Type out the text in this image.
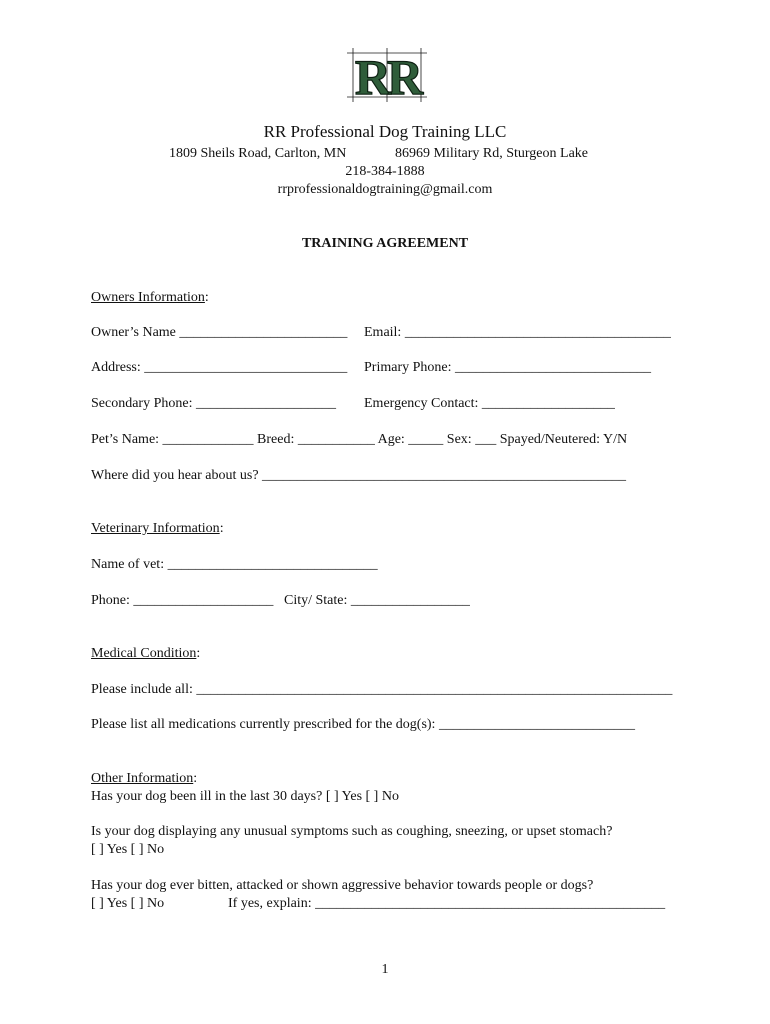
RR
RR Professional Dog Training LLC
1809 Sheils Road, Carlton, MN	86969 Military Rd, Sturgeon Lake
218-384-1888
rrprofessionaldogtraining@gmail.com
TRAINING AGREEMENT
Owners Information:
Owner’s Name ________________________ Email: ______________________________________
Address: _____________________________ Primary Phone: ____________________________
Secondary Phone: ____________________ Emergency Contact: ___________________
Pet’s Name: _____________ Breed: ___________ Age: _____ Sex: ___ Spayed/Neutered: Y/N
Where did you hear about us? ____________________________________________________
Veterinary Information:
Name of vet: ______________________________
Phone: ____________________ City/ State: _________________
Medical Condition:
Please include all: ____________________________________________________________________
Please list all medications currently prescribed for the dog(s): ____________________________
Other Information:
Has your dog been ill in the last 30 days? [ ] Yes [ ] No
Is your dog displaying any unusual symptoms such as coughing, sneezing, or upset stomach?
[ ] Yes [ ] No
Has your dog ever bitten, attacked or shown aggressive behavior towards people or dogs?
[ ] Yes [ ] No	If yes, explain: __________________________________________________
1
